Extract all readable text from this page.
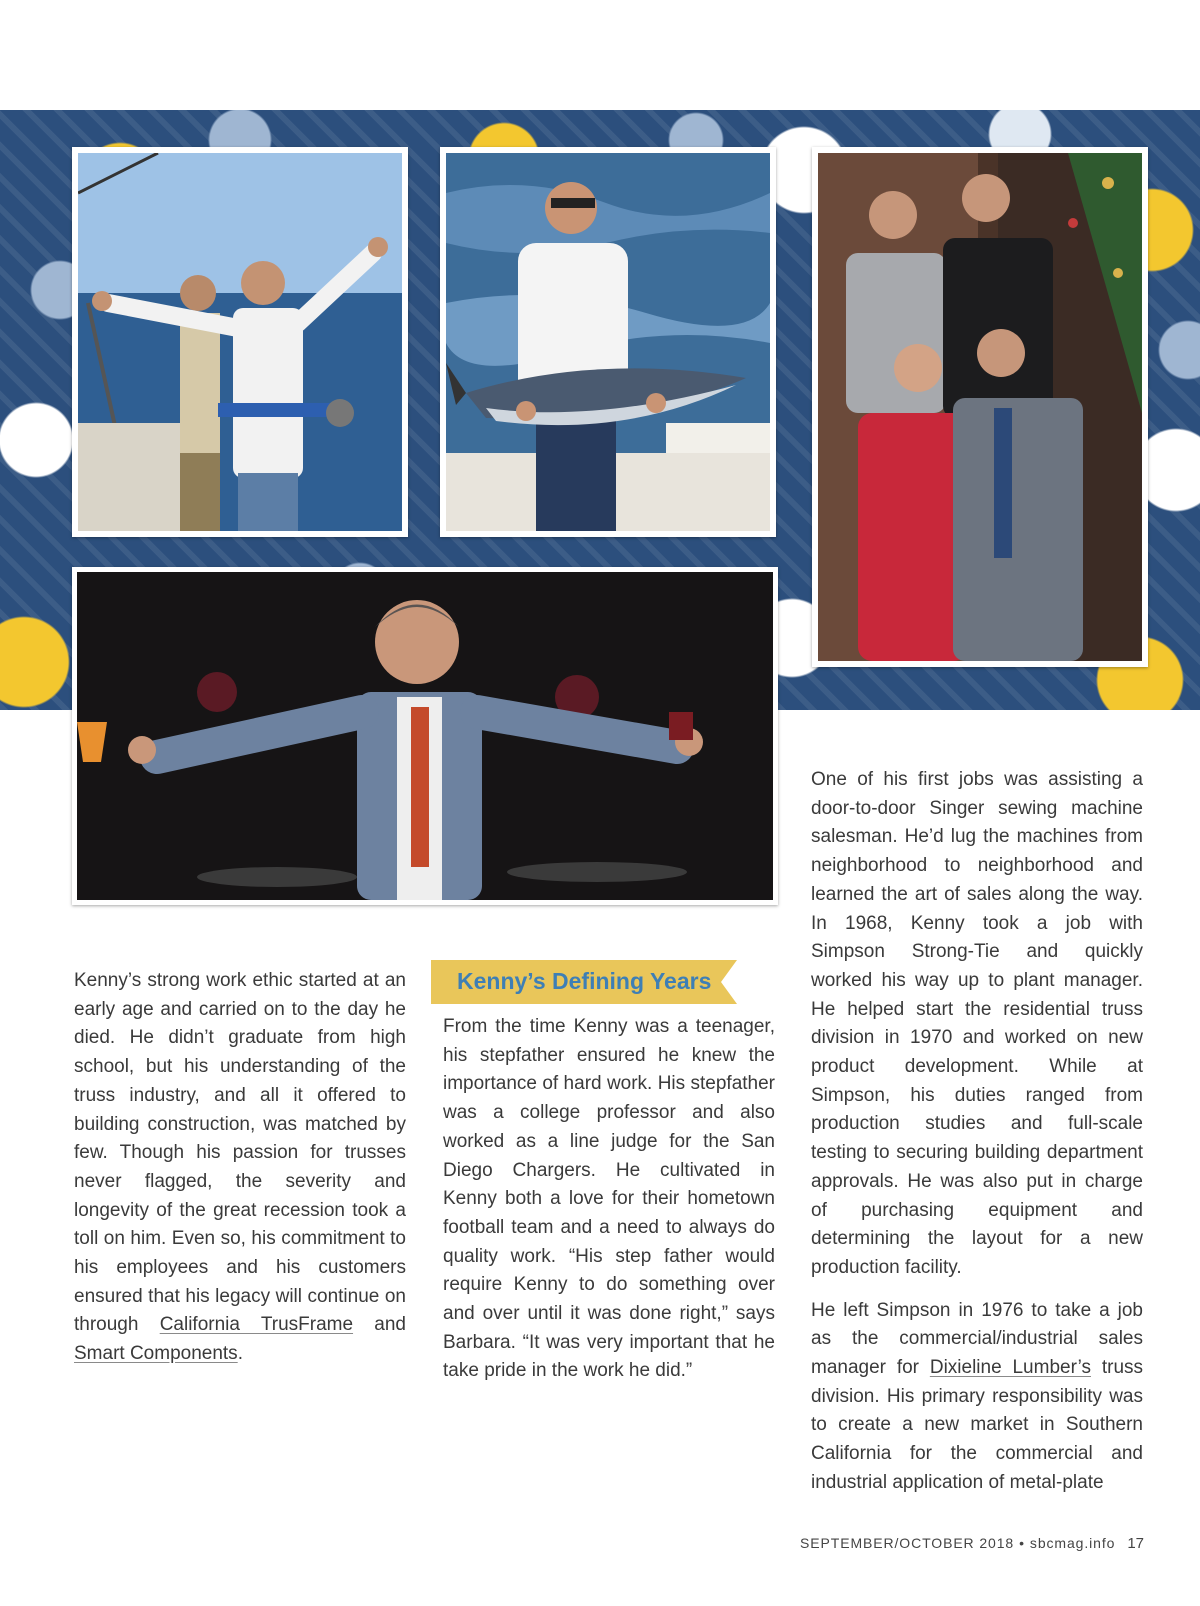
Kenny’s strong work ethic started at an early age and carried on to the day he died. He didn’t graduate from high school, but his understanding of the truss industry, and all it offered to building construction, was matched by few. Though his passion for trusses never flagged, the severity and longevity of the great recession took a toll on him. Even so, his commitment to his employees and his customers ensured that his legacy will continue on through California TrusFrame and Smart Components.

Kenny’s Defining Years

From the time Kenny was a teenager, his stepfather ensured he knew the importance of hard work. His stepfather was a college professor and also worked as a line judge for the San Diego Chargers. He cultivated in Kenny both a love for their hometown football team and a need to always do quality work. “His step father would require Kenny to do something over and over until it was done right,” says Barbara. “It was very important that he take pride in the work he did.”

One of his first jobs was assisting a door-to-door Singer sewing machine salesman. He’d lug the machines from neighborhood to neighborhood and learned the art of sales along the way. In 1968, Kenny took a job with Simpson Strong-Tie and quickly worked his way up to plant manager. He helped start the residential truss division in 1970 and worked on new product development. While at Simpson, his duties ranged from production studies and full-scale testing to securing building department approvals. He was also put in charge of purchasing equipment and determining the layout for a new production facility.

He left Simpson in 1976 to take a job as the commercial/industrial sales manager for Dixieline Lumber’s truss division. His primary responsibility was to create a new market in Southern California for the commercial and industrial application of metal-plate

SEPTEMBER/OCTOBER 2018 • sbcmag.info 17
